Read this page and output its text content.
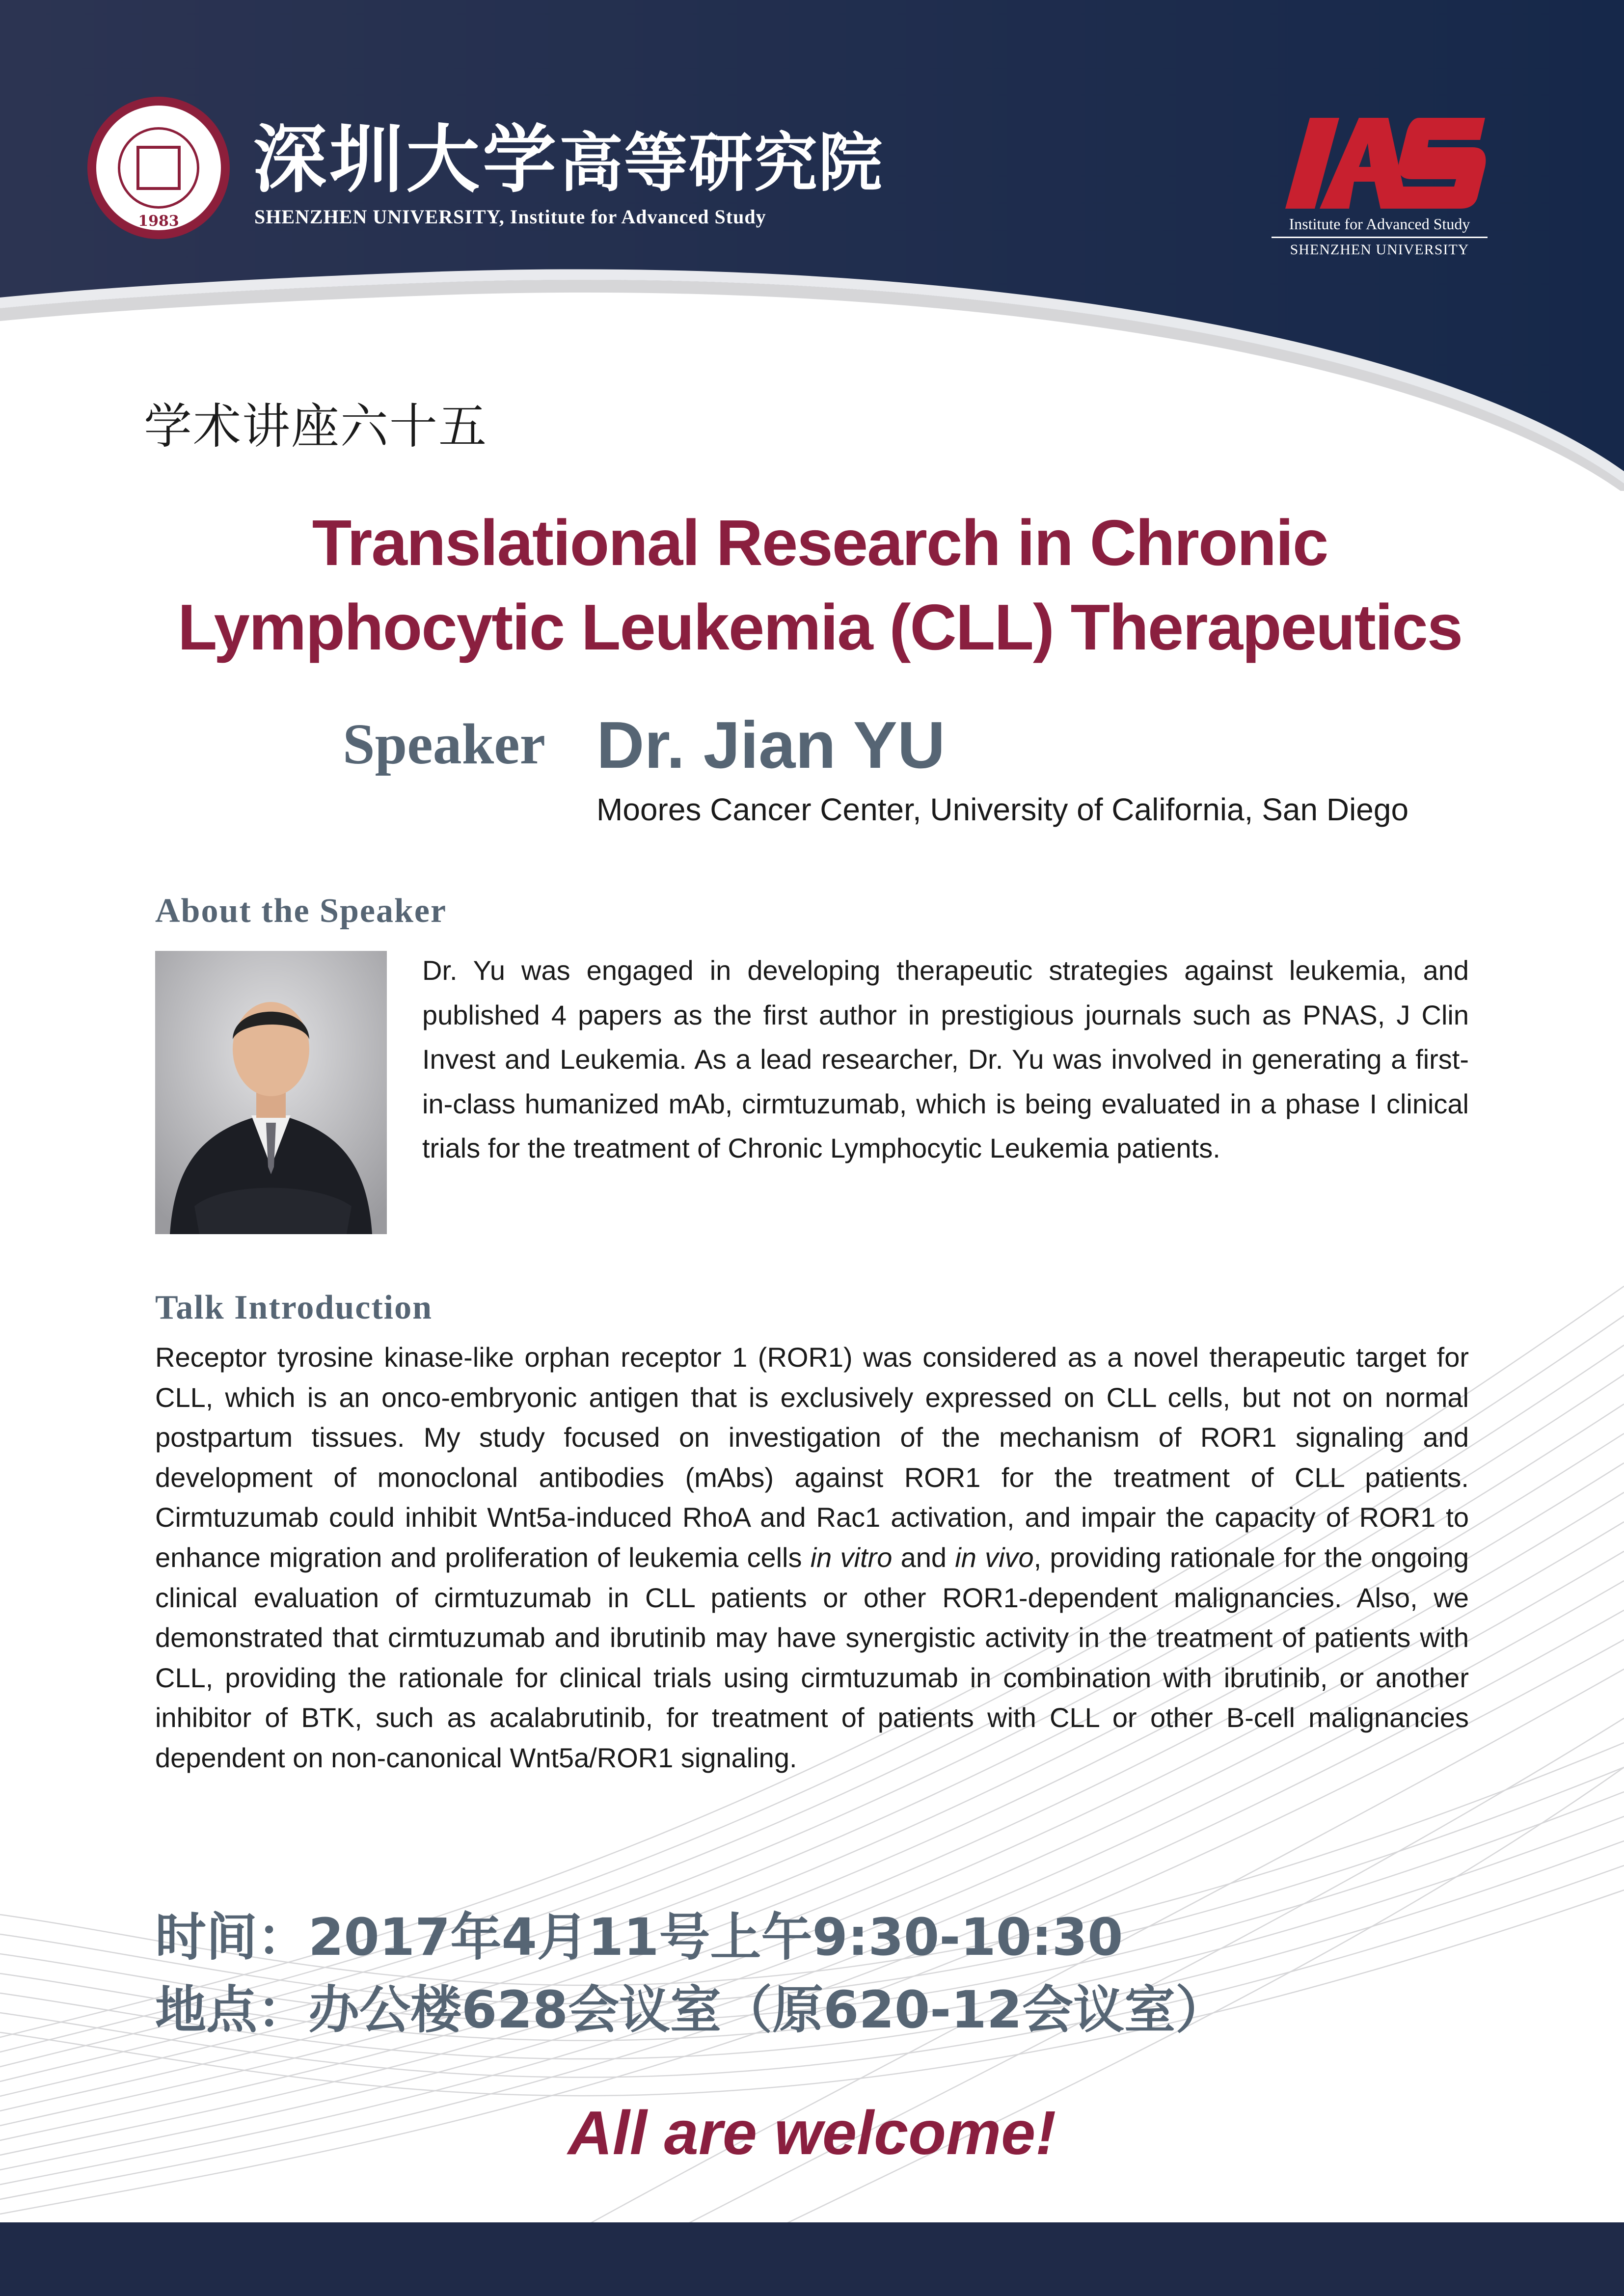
1983
深圳大学高等研究院
SHENZHEN UNIVERSITY, Institute for Advanced Study	Institute for Advanced Study
SHENZHEN UNIVERSITY
学术讲座六十五
Translational Research in Chronic Lymphocytic Leukemia (CLL) Therapeutics
Speaker Dr. Jian YU
Moores Cancer Center, University of California, San Diego
About the Speaker
Dr. Yu was engaged in developing therapeutic strategies against leukemia, and published 4 papers as the first author in prestigious journals such as PNAS, J Clin Invest and Leukemia. As a lead researcher, Dr. Yu was involved in generating a first-in-class humanized mAb, cirmtuzumab, which is being evaluated in a phase I clinical trials for the treatment of Chronic Lymphocytic Leukemia patients.
Talk Introduction
Receptor tyrosine kinase-like orphan receptor 1 (ROR1) was considered as a novel therapeutic target for CLL, which is an onco-embryonic antigen that is exclusively expressed on CLL cells, but not on normal postpartum tissues. My study focused on investigation of the mechanism of ROR1 signaling and development of monoclonal antibodies (mAbs) against ROR1 for the treatment of CLL patients. Cirmtuzumab could inhibit Wnt5a-induced RhoA and Rac1 activation, and impair the capacity of ROR1 to enhance migration and proliferation of leukemia cells in vitro and in vivo, providing rationale for the ongoing clinical evaluation of cirmtuzumab in CLL patients or other ROR1-dependent malignancies. Also, we demonstrated that cirmtuzumab and ibrutinib may have synergistic activity in the treatment of patients with CLL, providing the rationale for clinical trials using cirmtuzumab in combination with ibrutinib, or another inhibitor of BTK, such as acalabrutinib, for treatment of patients with CLL or other B-cell malignancies dependent on non-canonical Wnt5a/ROR1 signaling.
时间：2017年4月11号上午9:30-10:30
地点：办公楼628会议室（原620-12会议室）
All are welcome!
